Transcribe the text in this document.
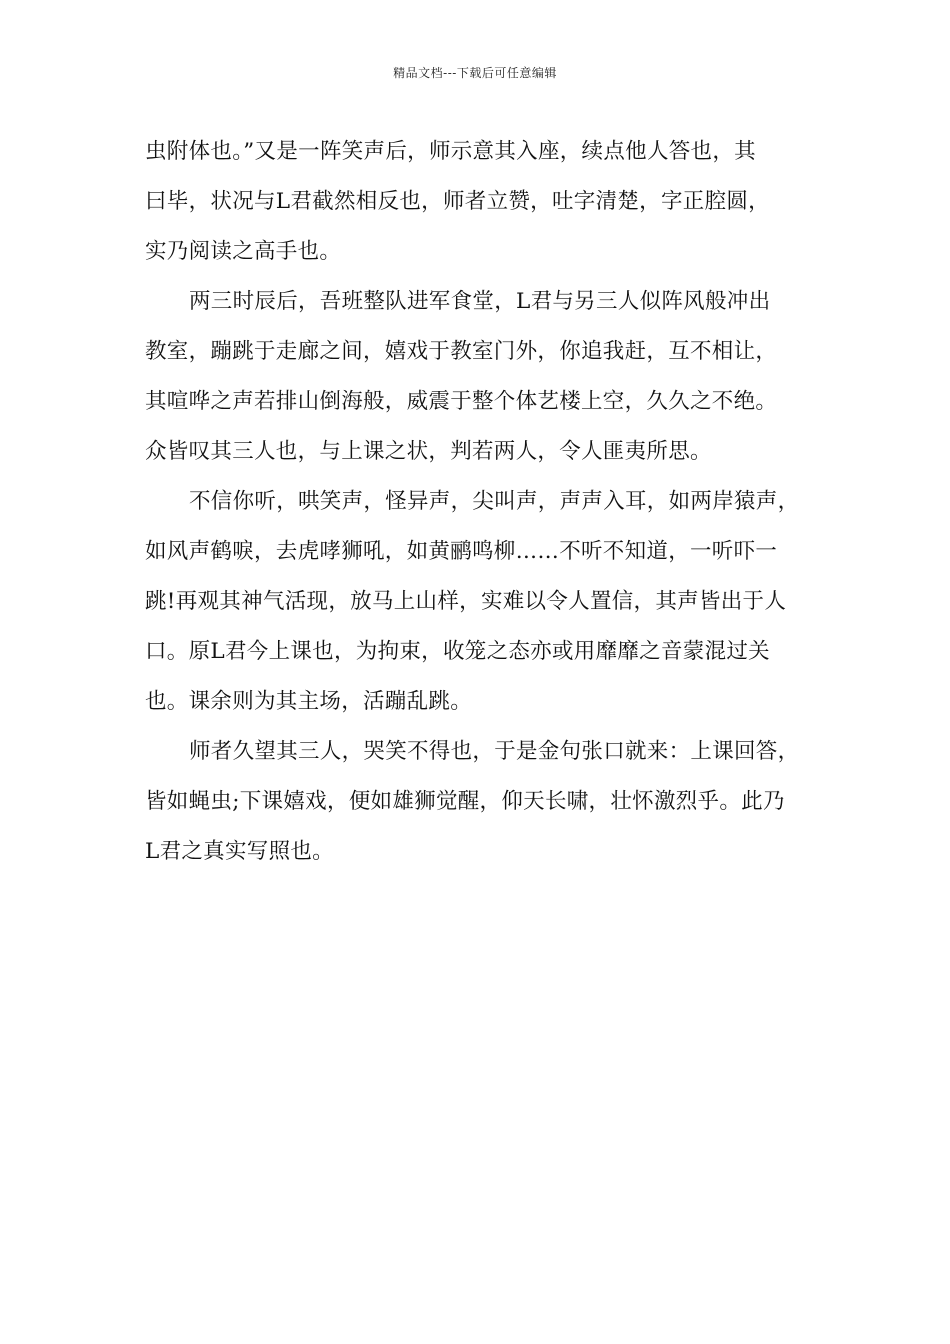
精品文档---下载后可任意编辑
虫附体也。”又是一阵笑声后，师示意其入座，续点他人答也，其
曰毕，状况与L君截然相反也，师者立赞，吐字清楚，字正腔圆，
实乃阅读之高手也。
两三时辰后，吾班整队进军食堂，L君与另三人似阵风般冲出
教室，蹦跳于走廊之间，嬉戏于教室门外，你追我赶，互不相让，
其喧哗之声若排山倒海般，威震于整个体艺楼上空，久久之不绝。
众皆叹其三人也，与上课之状，判若两人，令人匪夷所思。
不信你听，哄笑声，怪异声，尖叫声，声声入耳，如两岸猿声，
如风声鹤唳，去虎哮狮吼，如黄鹂鸣柳……不听不知道，一听吓一
跳!再观其神气活现，放马上山样，实难以令人置信，其声皆出于人
口。原L君今上课也，为拘束，收笼之态亦或用靡靡之音蒙混过关
也。课余则为其主场，活蹦乱跳。
师者久望其三人，哭笑不得也，于是金句张口就来：上课回答，
皆如蝇虫;下课嬉戏，便如雄狮觉醒，仰天长啸，壮怀激烈乎。此乃
L君之真实写照也。
